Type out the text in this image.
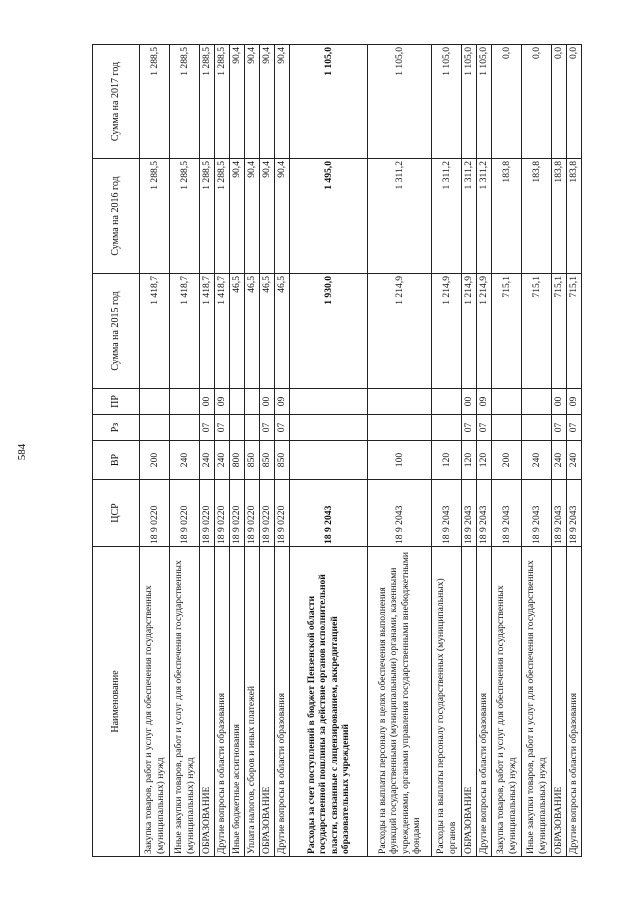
584
Наименование	ЦСР	ВР	Рз	ПР	Сумма на 2015 год	Сумма на 2016 год	Сумма на 2017 год
Закупка товаров, работ и услуг для обеспечения государственных (муниципальных) нужд	18 9 0220	200			1 418,7	1 288,5	1 288,5
Иные закупки товаров, работ и услуг для обеспечения государственных (муниципальных) нужд	18 9 0220	240			1 418,7	1 288,5	1 288,5
ОБРАЗОВАНИЕ	18 9 0220	240	07	00	1 418,7	1 288,5	1 288,5
Другие вопросы в области образования	18 9 0220	240	07	09	1 418,7	1 288,5	1 288,5
Иные бюджетные ассигнования	18 9 0220	800			46,5	90,4	90,4
Уплата налогов, сборов и иных платежей	18 9 0220	850			46,5	90,4	90,4
ОБРАЗОВАНИЕ	18 9 0220	850	07	00	46,5	90,4	90,4
Другие вопросы в области образования	18 9 0220	850	07	09	46,5	90,4	90,4
Расходы за счет поступлений в бюджет Пензенской области государственной пошлины за действие органов исполнительной власти, связанные с лицензированием, аккредитацией образовательных учреждений	18 9 2043				1 930,0	1 495,0	1 105,0
Расходы на выплаты персоналу в целях обеспечения выполнения функций государственными (муниципальными) органами, казенными учреждениями, органами управления государственными внебюджетными фондами	18 9 2043	100			1 214,9	1 311,2	1 105,0
Расходы на выплаты персоналу государственных (муниципальных) органов	18 9 2043	120			1 214,9	1 311,2	1 105,0
ОБРАЗОВАНИЕ	18 9 2043	120	07	00	1 214,9	1 311,2	1 105,0
Другие вопросы в области образования	18 9 2043	120	07	09	1 214,9	1 311,2	1 105,0
Закупка товаров, работ и услуг для обеспечения государственных (муниципальных) нужд	18 9 2043	200			715,1	183,8	0,0
Иные закупки товаров, работ и услуг для обеспечения государственных (муниципальных) нужд	18 9 2043	240			715,1	183,8	0,0
ОБРАЗОВАНИЕ	18 9 2043	240	07	00	715,1	183,8	0,0
Другие вопросы в области образования	18 9 2043	240	07	09	715,1	183,8	0,0
